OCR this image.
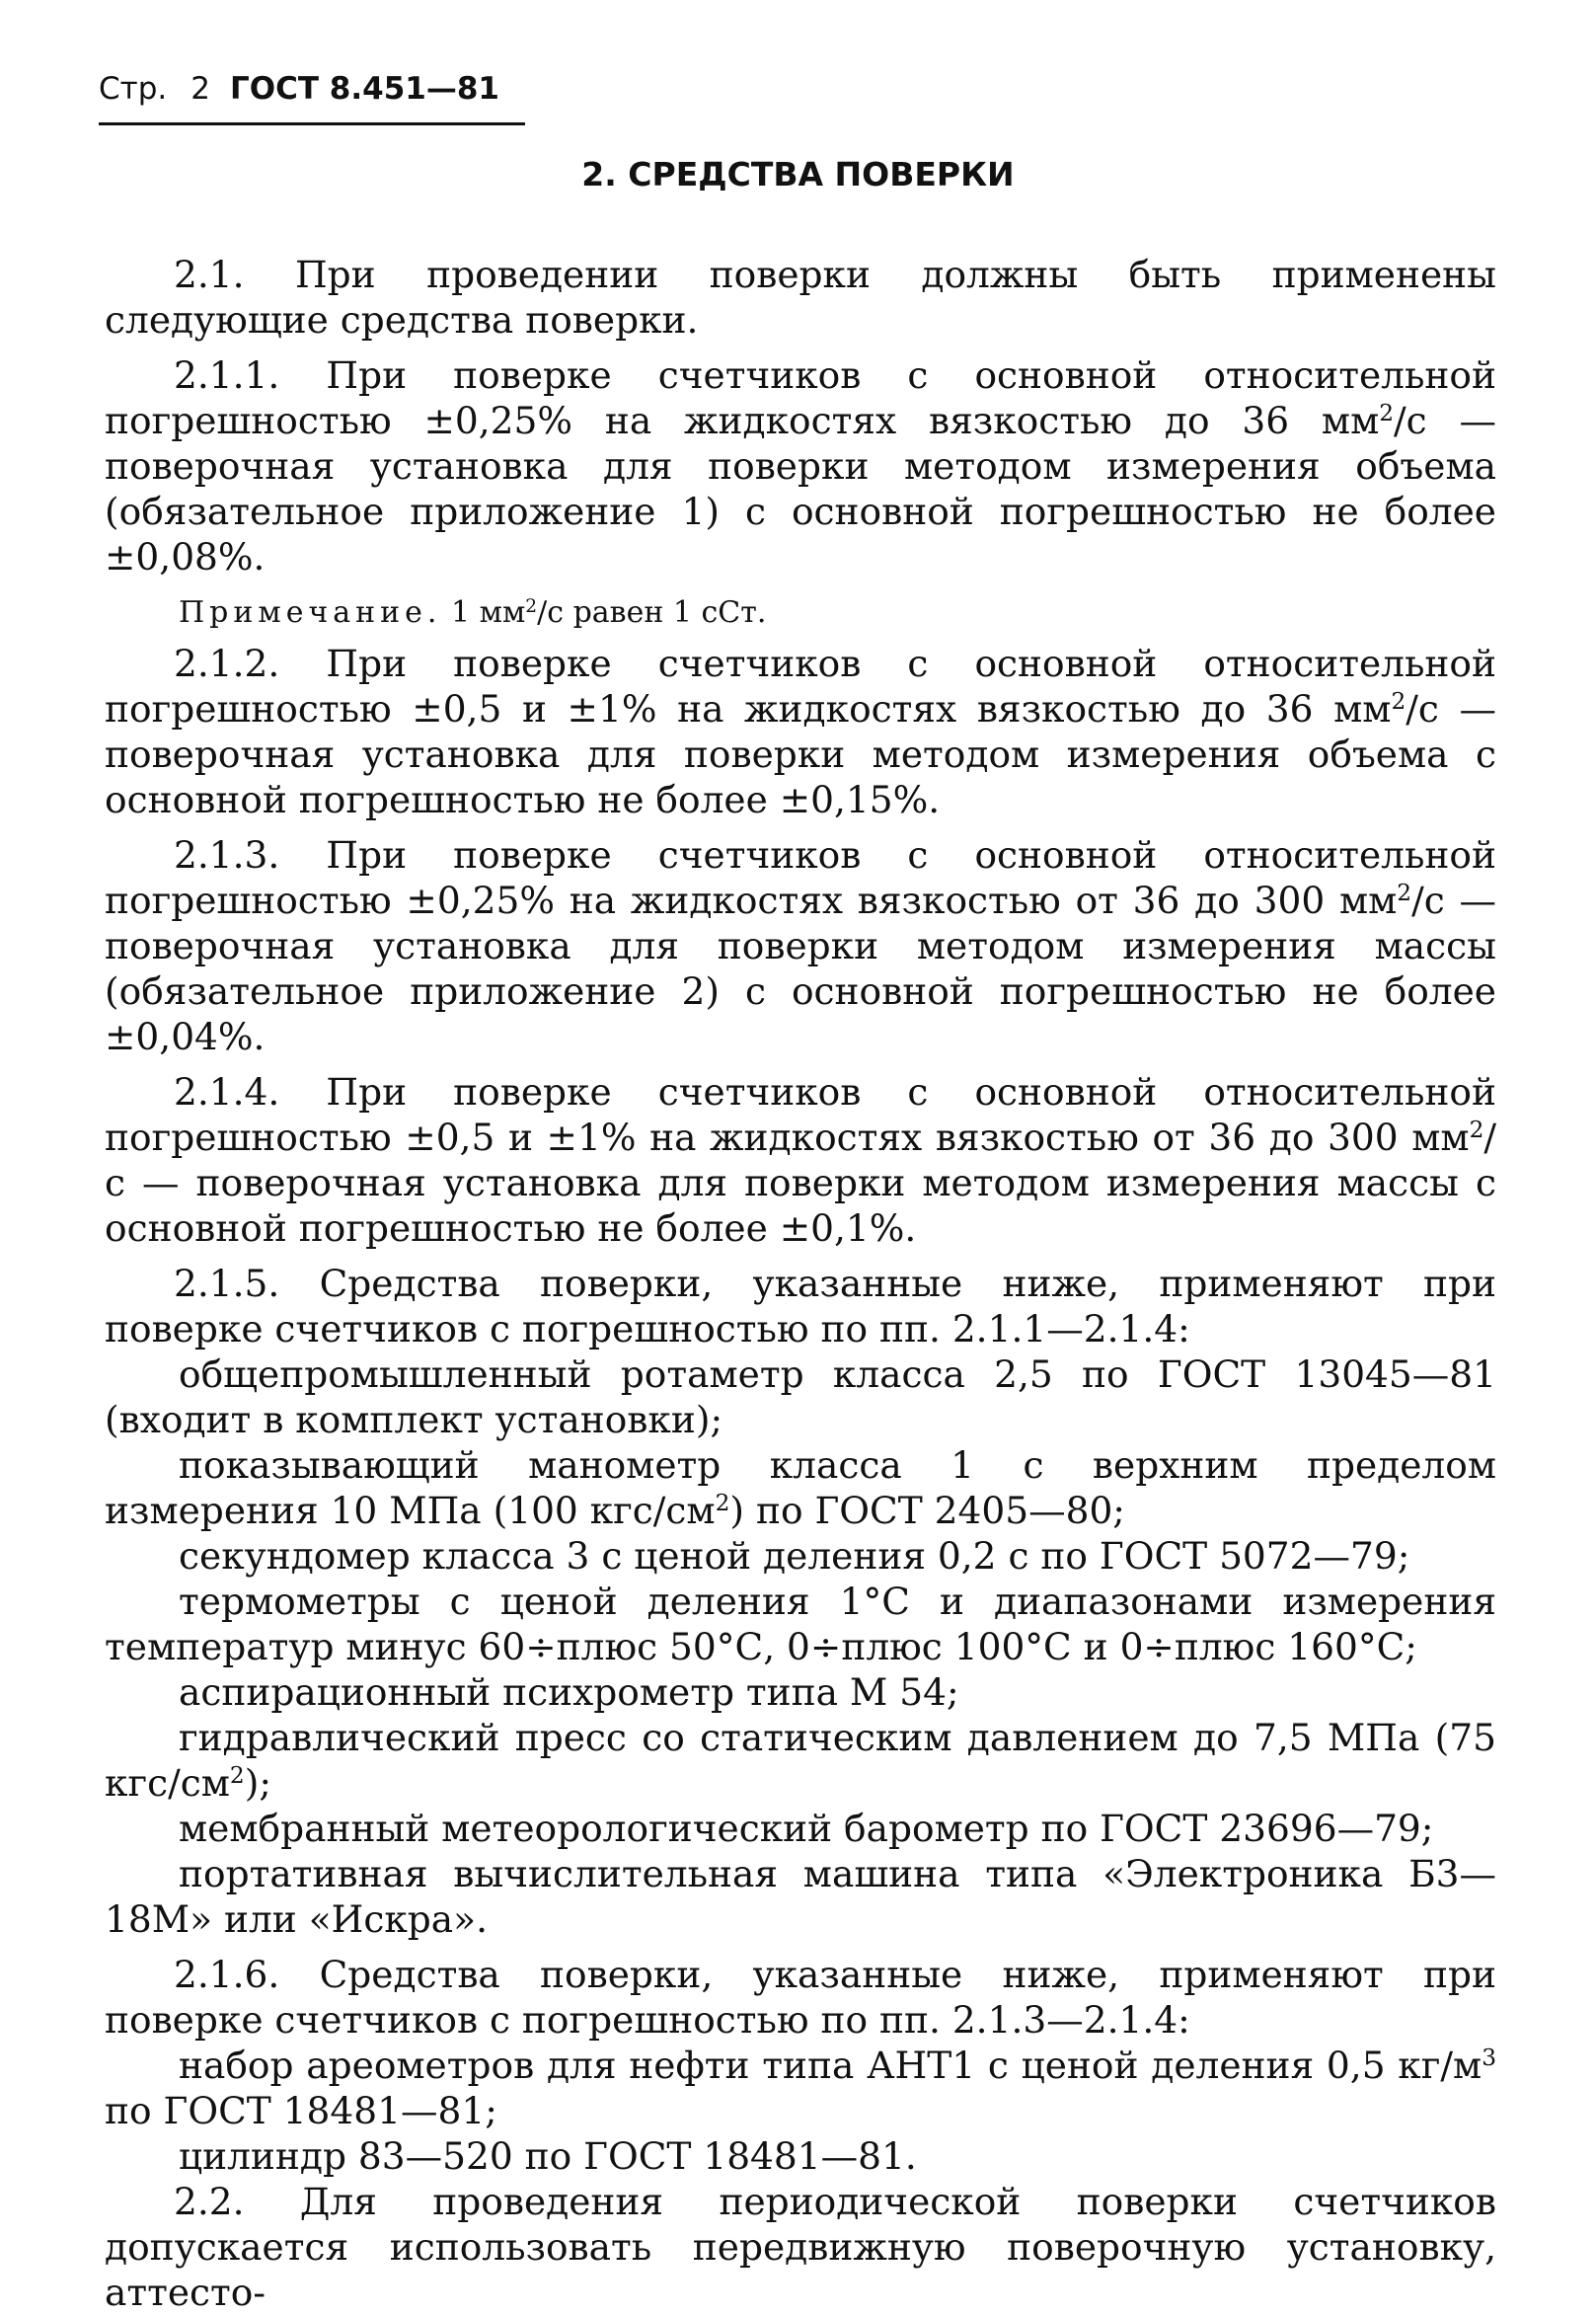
Стр. 2 ГОСТ 8.451—81
2. СРЕДСТВА ПОВЕРКИ

2.1. При проведении поверки должны быть применены следующие средства поверки.

2.1.1. При поверке счетчиков с основной относительной погрешностью ±0,25% на жидкостях вязкостью до 36 $мм^2/с$ — поверочная установка для поверки методом измерения объема (обязательное приложение 1) с основной погрешностью не более ±0,08%.

Примечание. 1 $мм^2/с$ равен 1 сСт.

2.1.2. При поверке счетчиков с основной относительной погрешностью ±0,5 и ±1% на жидкостях вязкостью до 36 $мм^2/с$ — поверочная установка для поверки методом измерения объема с основной погрешностью не более ±0,15%.

2.1.3. При поверке счетчиков с основной относительной погрешностью ±0,25% на жидкостях вязкостью от 36 до 300 $мм^2/с$ — поверочная установка для поверки методом измерения массы (обязательное приложение 2) с основной погрешностью не более ±0,04%.

2.1.4. При поверке счетчиков с основной относительной погрешностью ±0,5 и ±1% на жидкостях вязкостью от 36 до 300 $мм^2/с$ — поверочная установка для поверки методом измерения массы с основной погрешностью не более ±0,1%.

2.1.5. Средства поверки, указанные ниже, применяют при поверке счетчиков с погрешностью по пп. 2.1.1—2.1.4:

общепромышленный ротаметр класса 2,5 по ГОСТ 13045—81 (входит в комплект установки);

показывающий манометр класса 1 с верхним пределом измерения 10 МПа (100 кгс/$см^2$) по ГОСТ 2405—80;

секундомер класса 3 с ценой деления 0,2 с по ГОСТ 5072—79;

термометры с ценой деления 1°С и диапазонами измерения температур минус 60÷плюс 50°С, 0÷плюс 100°С и 0÷плюс 160°С;

аспирационный психрометр типа М 54;

гидравлический пресс со статическим давлением до 7,5 МПа (75 кгс/$см^2$);

мембранный метеорологический барометр по ГОСТ 23696—79;

портативная вычислительная машина типа «Электроника Б3—18М» или «Искра».

2.1.6. Средства поверки, указанные ниже, применяют при поверке счетчиков с погрешностью по пп. 2.1.3—2.1.4:

набор ареометров для нефти типа АНТ1 с ценой деления 0,5 $кг/м^3$ по ГОСТ 18481—81;

цилиндр 83—520 по ГОСТ 18481—81.

2.2. Для проведения периодической поверки счетчиков допускается использовать передвижную поверочную установку, аттесто-
